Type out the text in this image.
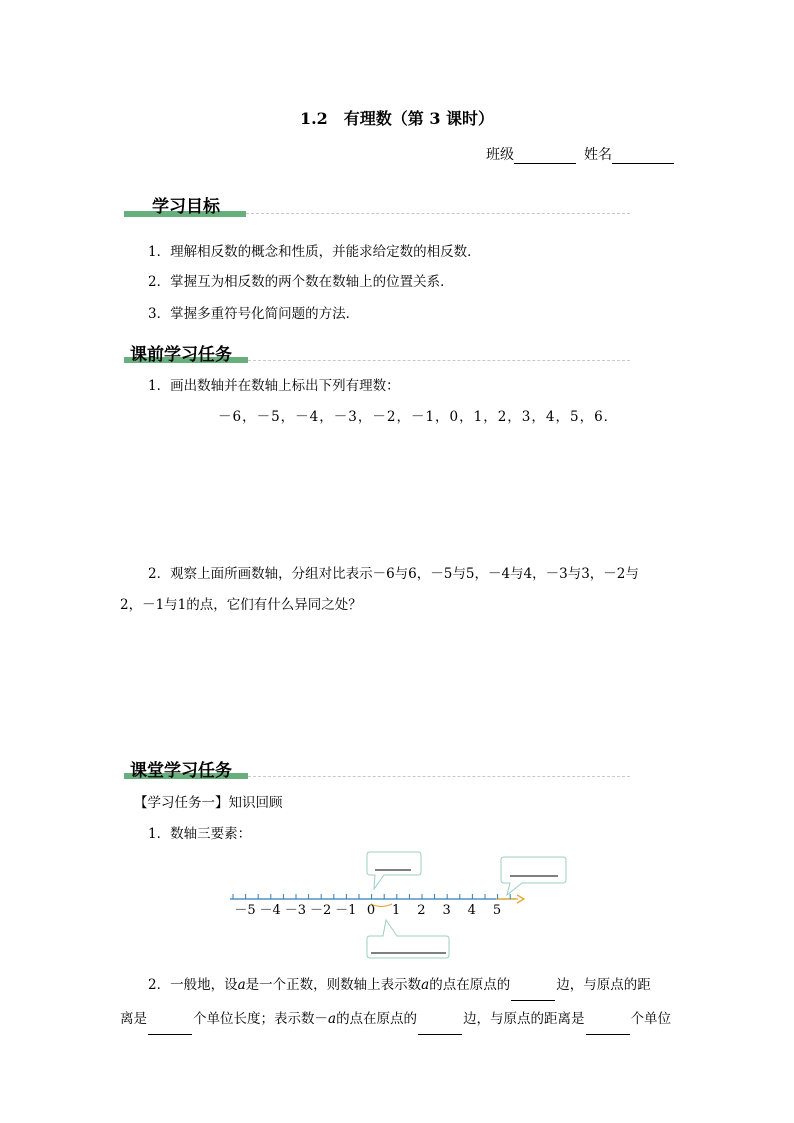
1.2　有理数（第 3 课时）
班级	姓名
学习目标
1．理解相反数的概念和性质，并能求给定数的相反数．
2．掌握互为相反数的两个数在数轴上的位置关系．
3．掌握多重符号化简问题的方法．
课前学习任务
1．画出数轴并在数轴上标出下列有理数：
－6，－5，－4，－3，－2，－1，0，1，2，3，4，5，6．
2．观察上面所画数轴，分组对比表示－6与6，－5与5，－4与4，－3与3，－2与
2，－1与1的点，它们有什么异同之处？
课堂学习任务
【学习任务一】知识回顾
1．数轴三要素：
－5 －4 －3 －2 －1 0 1 2 3 4 5
2．一般地，设a是一个正数，则数轴上表示数a的点在原点的	边，与原点的距
离是	个单位长度；表示数－a的点在原点的	边，与原点的距离是	个单位
